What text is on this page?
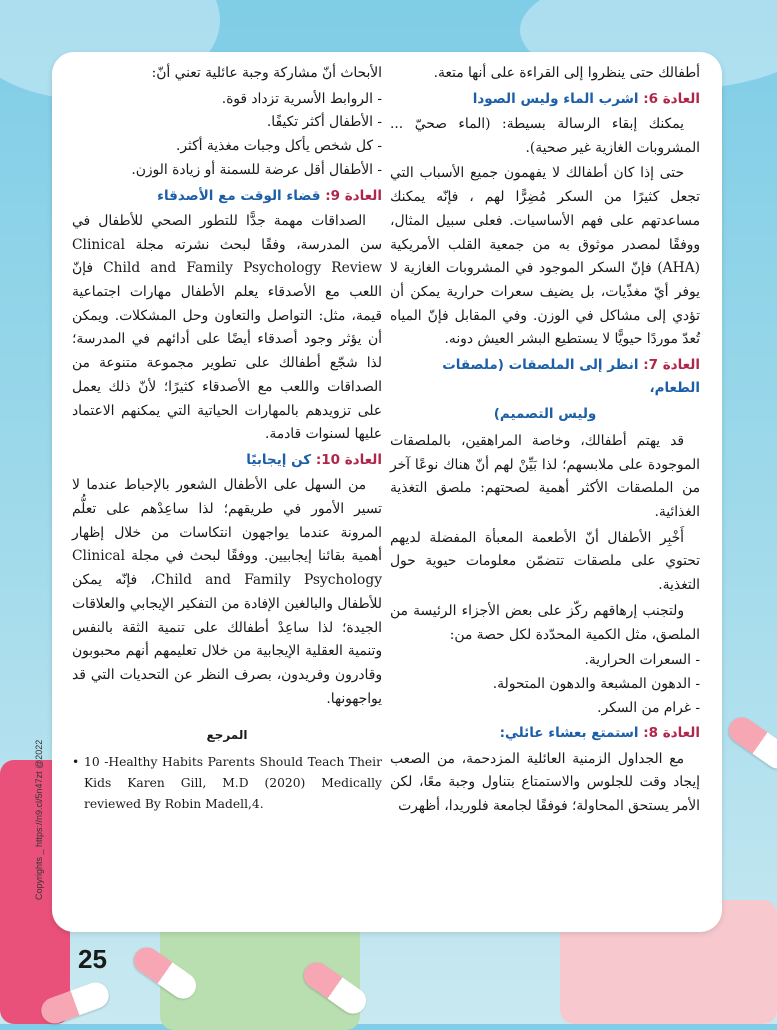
أطفالك حتى ينظروا إلى القراءة على أنها متعة.

العادة 6: اشرب الماء وليس الصودا

يمكنك إبقاء الرسالة بسيطة: (الماء صحيّ ... المشروبات الغازية غير صحية).

حتى إذا كان أطفالك لا يفهمون جميع الأسباب التي تجعل كثيرًا من السكر مُضِرًّا لهم ، فإنّه يمكنك مساعدتهم على فهم الأساسيات. فعلى سبيل المثال، ووفقًا لمصدر موثوق به من جمعية القلب الأمريكية (AHA) فإنّ السكر الموجود في المشروبات الغازية لا يوفر أيّ مغذّيات، بل يضيف سعرات حرارية يمكن أن تؤدي إلى مشاكل في الوزن. وفي المقابل فإنّ المياه تُعدّ موردًا حيويًّا لا يستطيع البشر العيش دونه.

العادة 7: انظر إلى الملصقات (ملصقات الطعام،
وليس التصميم)

قد يهتم أطفالك، وخاصة المراهقين، بالملصقات الموجودة على ملابسهم؛ لذا بَيِّنْ لهم أنّ هناك نوعًا آخر من الملصقات الأكثر أهمية لصحتهم: ملصق التغذية الغذائية.

أَخْبِر الأطفال أنّ الأطعمة المعبأة المفضلة لديهم تحتوي على ملصقات تتضمّن معلومات حيوية حول التغذية.

ولتجنب إرهاقهم ركّز على بعض الأجزاء الرئيسة من الملصق، مثل الكمية المحدّدة لكل حصة من:

- السعرات الحرارية.
- الدهون المشبعة والدهون المتحولة.
- غرام من السكر.
العادة 8: استمتع بعشاء عائلي:

مع الجداول الزمنية العائلية المزدحمة، من الصعب إيجاد وقت للجلوس والاستمتاع بتناول وجبة معًا، لكن الأمر يستحق المحاولة؛ فوفقًا لجامعة فلوريدا، أظهرت

الأبحاث أنّ مشاركة وجبة عائلية تعني أنّ:

- الروابط الأسرية تزداد قوة.
- الأطفال أكثر تكيفًا.
- كل شخص يأكل وجبات مغذية أكثر.
- الأطفال أقل عرضة للسمنة أو زيادة الوزن.
العادة 9: قضاء الوقت مع الأصدقاء

الصداقات مهمة جدًّا للتطور الصحي للأطفال في سن المدرسة، وفقًا لبحث نشرته مجلة Clinical Child and Family Psychology Review فإنّ اللعب مع الأصدقاء يعلم الأطفال مهارات اجتماعية قيمة، مثل: التواصل والتعاون وحل المشكلات. ويمكن أن يؤثر وجود أصدقاء أيضًا على أدائهم في المدرسة؛ لذا شجّع أطفالك على تطوير مجموعة متنوعة من الصداقات واللعب مع الأصدقاء كثيرًا؛ لأنّ ذلك يعمل على تزويدهم بالمهارات الحياتية التي يمكنهم الاعتماد عليها لسنوات قادمة.

العادة 10: كن إيجابيًا

من السهل على الأطفال الشعور بالإحباط عندما لا تسير الأمور في طريقهم؛ لذا ساعِدْهم على تعلُّم المرونة عندما يواجهون انتكاسات من خلال إظهار أهمية بقائنا إيجابيين. ووفقًا لبحث في مجلة Clinical Child and Family Psychology، فإنّه يمكن للأطفال والبالغين الإفادة من التفكير الإيجابي والعلاقات الجيدة؛ لذا ساعِدْ أطفالك على تنمية الثقة بالنفس وتنمية العقلية الإيجابية من خلال تعليمهم أنهم محبوبون وقادرون وفريدون، بصرف النظر عن التحديات التي قد يواجهونها.

المرجع
• 10 -Healthy Habits Parents Should Teach Their Kids Karen Gill, M.D (2020) Medically reviewed By Robin Madell,4.
Copyrights _ https://n9.cl/5n47zt @2022
25
